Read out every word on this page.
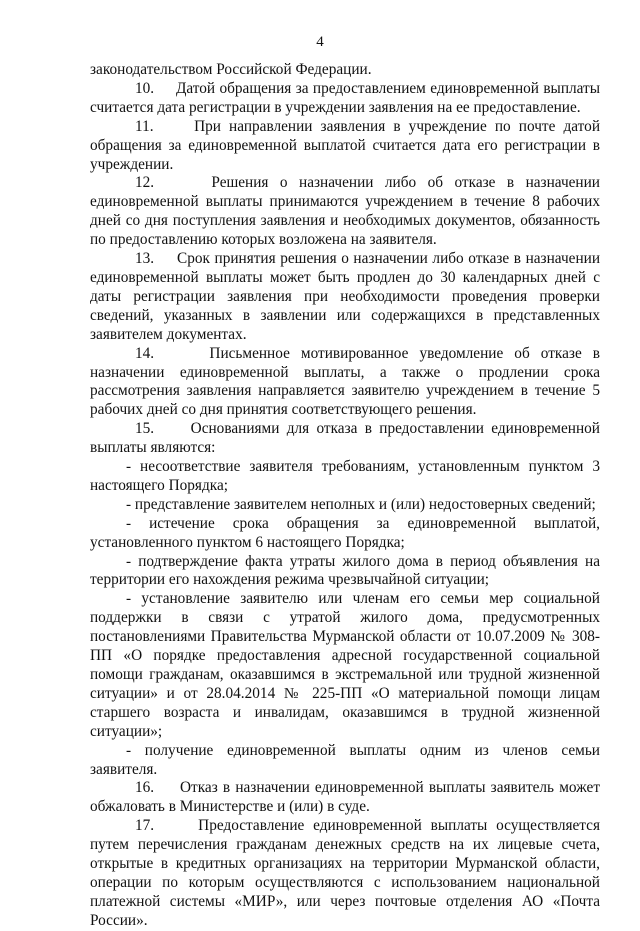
4

законодательством Российской Федерации.

10. Датой обращения за предоставлением единовременной выплаты считается дата регистрации в учреждении заявления на ее предоставление.

11.	При направлении заявления в учреждение по почте датой обращения за единовременной выплатой считается дата его регистрации в учреждении.

12.	Решения о назначении либо об отказе в назначении единовременной выплаты принимаются учреждением в течение 8 рабочих дней со дня поступления заявления и необходимых документов, обязанность по предоставлению которых возложена на заявителя.

13. Срок принятия решения о назначении либо отказе в назначении единовременной выплаты может быть продлен до 30 календарных дней с даты регистрации заявления при необходимости проведения проверки сведений, указанных в заявлении или содержащихся в представленных заявителем документах.

14.	Письменное мотивированное уведомление об отказе в назначении единовременной выплаты, а также о продлении срока рассмотрения заявления направляется заявителю учреждением в течение 5 рабочих дней со дня принятия соответствующего решения.

15. Основаниями для отказа в предоставлении единовременной выплаты являются:

- несоответствие заявителя требованиям, установленным пунктом 3 настоящего Порядка;

- представление заявителем неполных и (или) недостоверных сведений;

- истечение срока обращения за единовременной выплатой, установленного пунктом 6 настоящего Порядка;

- подтверждение факта утраты жилого дома в период объявления на территории его нахождения режима чрезвычайной ситуации;

- установление заявителю или членам его семьи мер социальной поддержки в связи с утратой жилого дома, предусмотренных постановлениями Правительства Мурманской области от 10.07.2009 № 308-ПП «О порядке предоставления адресной государственной социальной помощи гражданам, оказавшимся в экстремальной или трудной жизненной ситуации» и от 28.04.2014 № 225-ПП «О материальной помощи лицам старшего возраста и инвалидам, оказавшимся в трудной жизненной ситуации»;

- получение единовременной выплаты одним из членов семьи заявителя.

16. Отказ в назначении единовременной выплаты заявитель может обжаловать в Министерстве и (или) в суде.

17.	Предоставление единовременной выплаты осуществляется путем перечисления гражданам денежных средств на их лицевые счета, открытые в кредитных организациях на территории Мурманской области, операции по которым осуществляются с использованием национальной платежной системы «МИР», или через почтовые отделения АО «Почта России».
